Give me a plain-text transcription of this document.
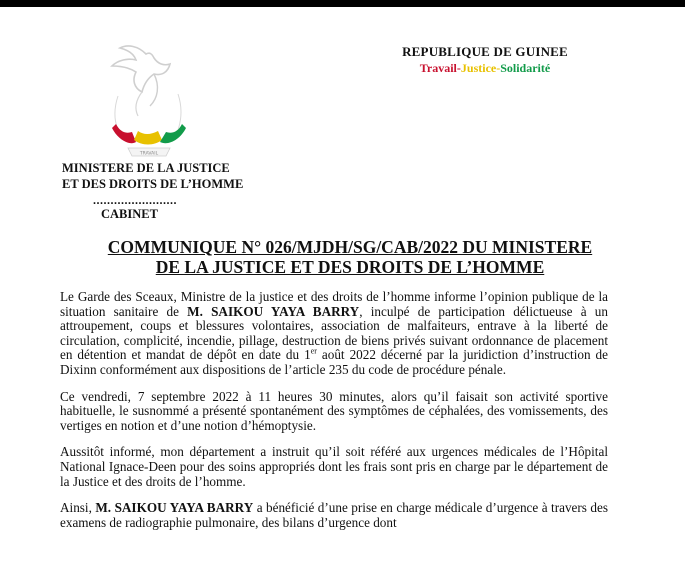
TRAVAIL
REPUBLIQUE DE GUINEE
Travail-Justice-Solidarité
MINISTERE DE LA JUSTICE
ET DES DROITS DE L’HOMME
........................
CABINET
COMMUNIQUE N° 026/MJDH/SG/CAB/2022 DU MINISTERE
DE LA JUSTICE ET DES DROITS DE L’HOMME

Le Garde des Sceaux, Ministre de la justice et des droits de l’homme informe l’opinion publique de la situation sanitaire de M. SAIKOU YAYA BARRY, inculpé de participation délictueuse à un attroupement, coups et blessures volontaires, association de malfaiteurs, entrave à la liberté de circulation, complicité, incendie, pillage, destruction de biens privés suivant ordonnance de placement en détention et mandat de dépôt en date du 1er août 2022 décerné par la juridiction d’instruction de Dixinn conformément aux dispositions de l’article 235 du code de procédure pénale.

Ce vendredi, 7 septembre 2022 à 11 heures 30 minutes, alors qu’il faisait son activité sportive habituelle, le susnommé a présenté spontanément des symptômes de céphalées, des vomissements, des vertiges en notion et d’une notion d’hémoptysie.

Aussitôt informé, mon département a instruit qu’il soit référé aux urgences médicales de l’Hôpital National Ignace-Deen pour des soins appropriés dont les frais sont pris en charge par le département de la Justice et des droits de l’homme.

Ainsi, M. SAIKOU YAYA BARRY a bénéficié d’une prise en charge médicale d’urgence à travers des examens de radiographie pulmonaire, des bilans d’urgence dont
